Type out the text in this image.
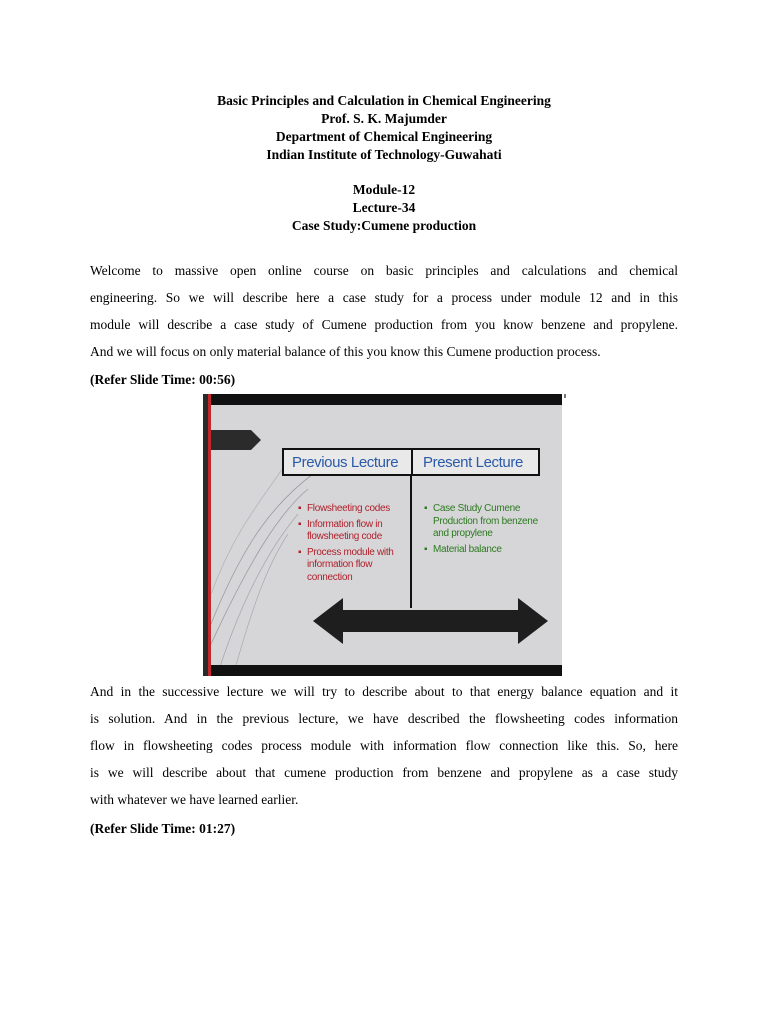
Basic Principles and Calculation in Chemical Engineering
Prof. S. K. Majumder
Department of Chemical Engineering
Indian Institute of Technology-Guwahati
Module-12
Lecture-34
Case Study:Cumene production
Welcome to massive open online course on basic principles and calculations and chemical
engineering. So we will describe here a case study for a process under module 12 and in this
module will describe a case study of Cumene production from you know benzene and propylene.
And we will focus on only material balance of this you know this Cumene production process.
(Refer Slide Time: 00:56)
Previous Lecture Present Lecture
▪ Flowsheeting codes
▪ Information flow in flowsheeting code
▪ Process module with information flow connection
▪ Case Study Cumene Production from benzene and propylene
▪ Material balance
And in the successive lecture we will try to describe about to that energy balance equation and it
is solution. And in the previous lecture, we have described the flowsheeting codes information
flow in flowsheeting codes process module with information flow connection like this. So, here
is we will describe about that cumene production from benzene and propylene as a case study
with whatever we have learned earlier.
(Refer Slide Time: 01:27)
